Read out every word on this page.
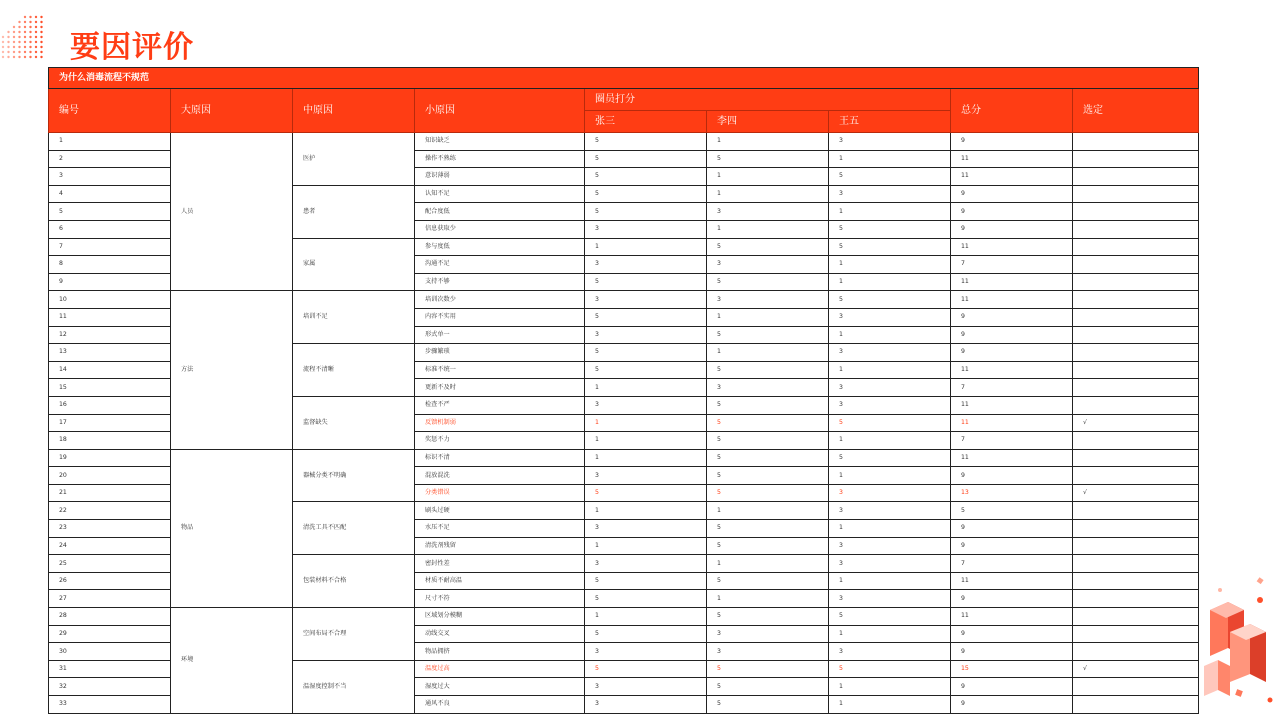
要因评价
为什么消毒流程不规范								
编号	大原因	中原因	小原因	圈员打分			总分	选定
				张三	李四	王五		
1	人员	医护	知识缺乏	5	1	3	9	
2			操作不熟练	5	5	1	11	
3			意识薄弱	5	1	5	11	
4		患者	认知不足	5	1	3	9	
5			配合度低	5	3	1	9	
6			信息获取少	3	1	5	9	
7		家属	参与度低	1	5	5	11	
8			沟通不足	3	3	1	7	
9			支持不够	5	5	1	11	
10	方法	培训不足	培训次数少	3	3	5	11	
11			内容不实用	5	1	3	9	
12			形式单一	3	5	1	9	
13		流程不清晰	步骤繁琐	5	1	3	9	
14			标准不统一	5	5	1	11	
15			更新不及时	1	3	3	7	
16		监督缺失	检查不严	3	5	3	11	
17			反馈机制弱	1	5	5	11	√
18			奖惩不力	1	5	1	7	
19	物品	器械分类不明确	标识不清	1	5	5	11	
20			混放混洗	3	5	1	9	
21			分类错误	5	5	3	13	√
22		清洗工具不匹配	刷头过硬	1	1	3	5	
23			水压不足	3	5	1	9	
24			清洗剂残留	1	5	3	9	
25		包装材料不合格	密封性差	3	1	3	7	
26			材质不耐高温	5	5	1	11	
27			尺寸不符	5	1	3	9	
28	环境	空间布局不合理	区域划分模糊	1	5	5	11	
29			动线交叉	5	3	1	9	
30			物品拥挤	3	3	3	9	
31		温湿度控制不当	温度过高	5	5	5	15	√
32			湿度过大	3	5	1	9	
33			通风不良	3	5	1	9	
